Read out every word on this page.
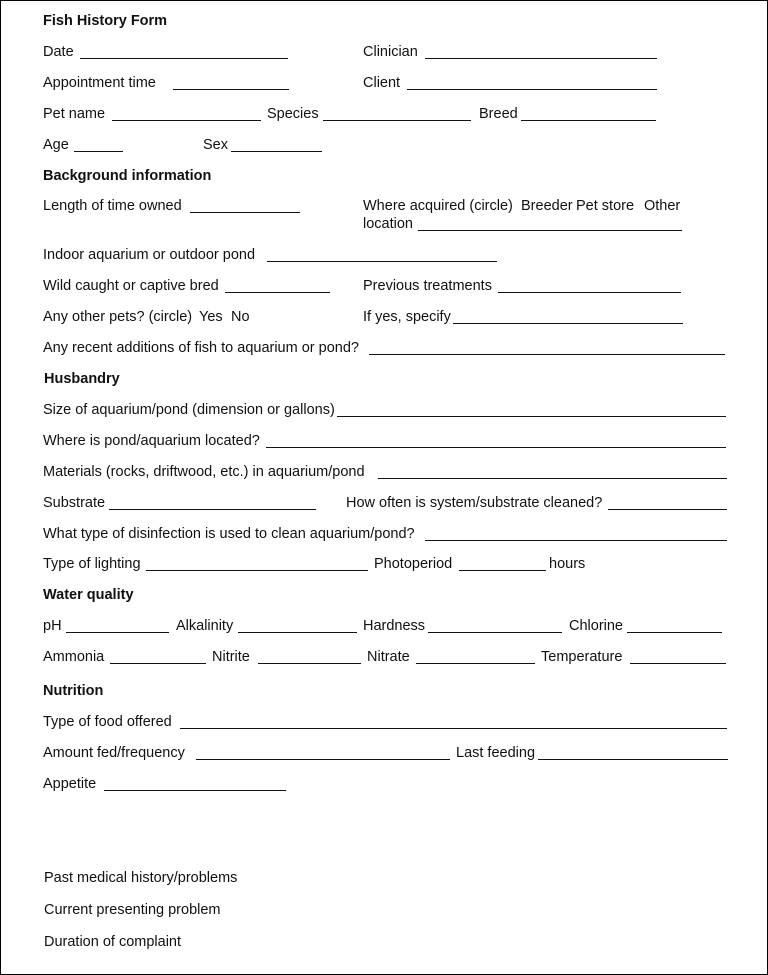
Fish History Form
Date	Clinician
Appointment time	Client
Pet name	Species	Breed
Age	Sex
Background information
Length of time owned	Where acquired (circle) Breeder Pet store Other
location
Indoor aquarium or outdoor pond
Wild caught or captive bred	Previous treatments
Any other pets? (circle) Yes No	If yes, specify
Any recent additions of fish to aquarium or pond?
Husbandry
Size of aquarium/pond (dimension or gallons)
Where is pond/aquarium located?
Materials (rocks, driftwood, etc.) in aquarium/pond
Substrate	How often is system/substrate cleaned?
What type of disinfection is used to clean aquarium/pond?
Type of lighting	Photoperiod	hours
Water quality
pH	Alkalinity	Hardness	Chlorine
Ammonia	Nitrite	Nitrate	Temperature
Nutrition
Type of food offered
Amount fed/frequency	Last feeding
Appetite
Past medical history/problems
Current presenting problem
Duration of complaint
